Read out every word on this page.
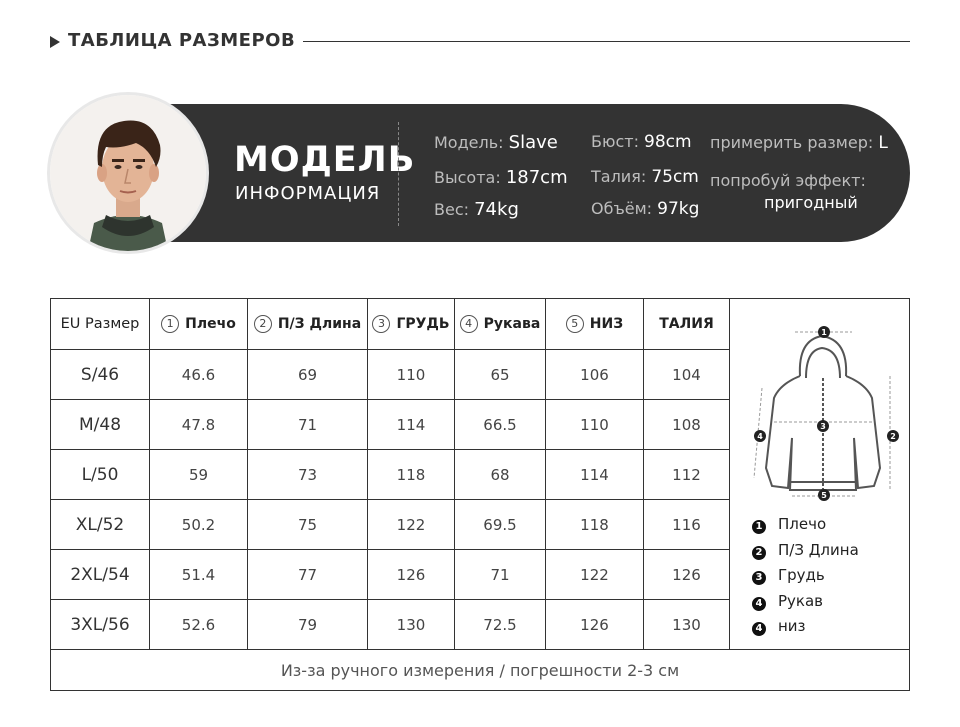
ТАБЛИЦА РАЗМЕРОВ
МОДЕЛЬ
ИНФОРМАЦИЯ
Модель: Slave
Высота: 187cm
Вес: 74kg
Бюст: 98cm
Талия: 75cm
Объём: 97kg
примерить размер: L
попробуй эффект:
пригодный
EU Размер	1 Плечо	2 П/З Длина	3 ГРУДЬ	4 Рукава	5 НИЗ	ТАЛИЯ	
S/46	46.6	69	110	65	106	104	
M/48	47.8	71	114	66.5	110	108	
L/50	59	73	118	68	114	112	
XL/52	50.2	75	122	69.5	118	116	
2XL/54	51.4	77	126	71	122	126	
3XL/56	52.6	79	130	72.5	126	130	
Из-за ручного измерения / погрешности 2-3 см							
1
2
3
4
5
1 Плечо
2 П/З Длина
3 Грудь
4 Рукав
4 низ
